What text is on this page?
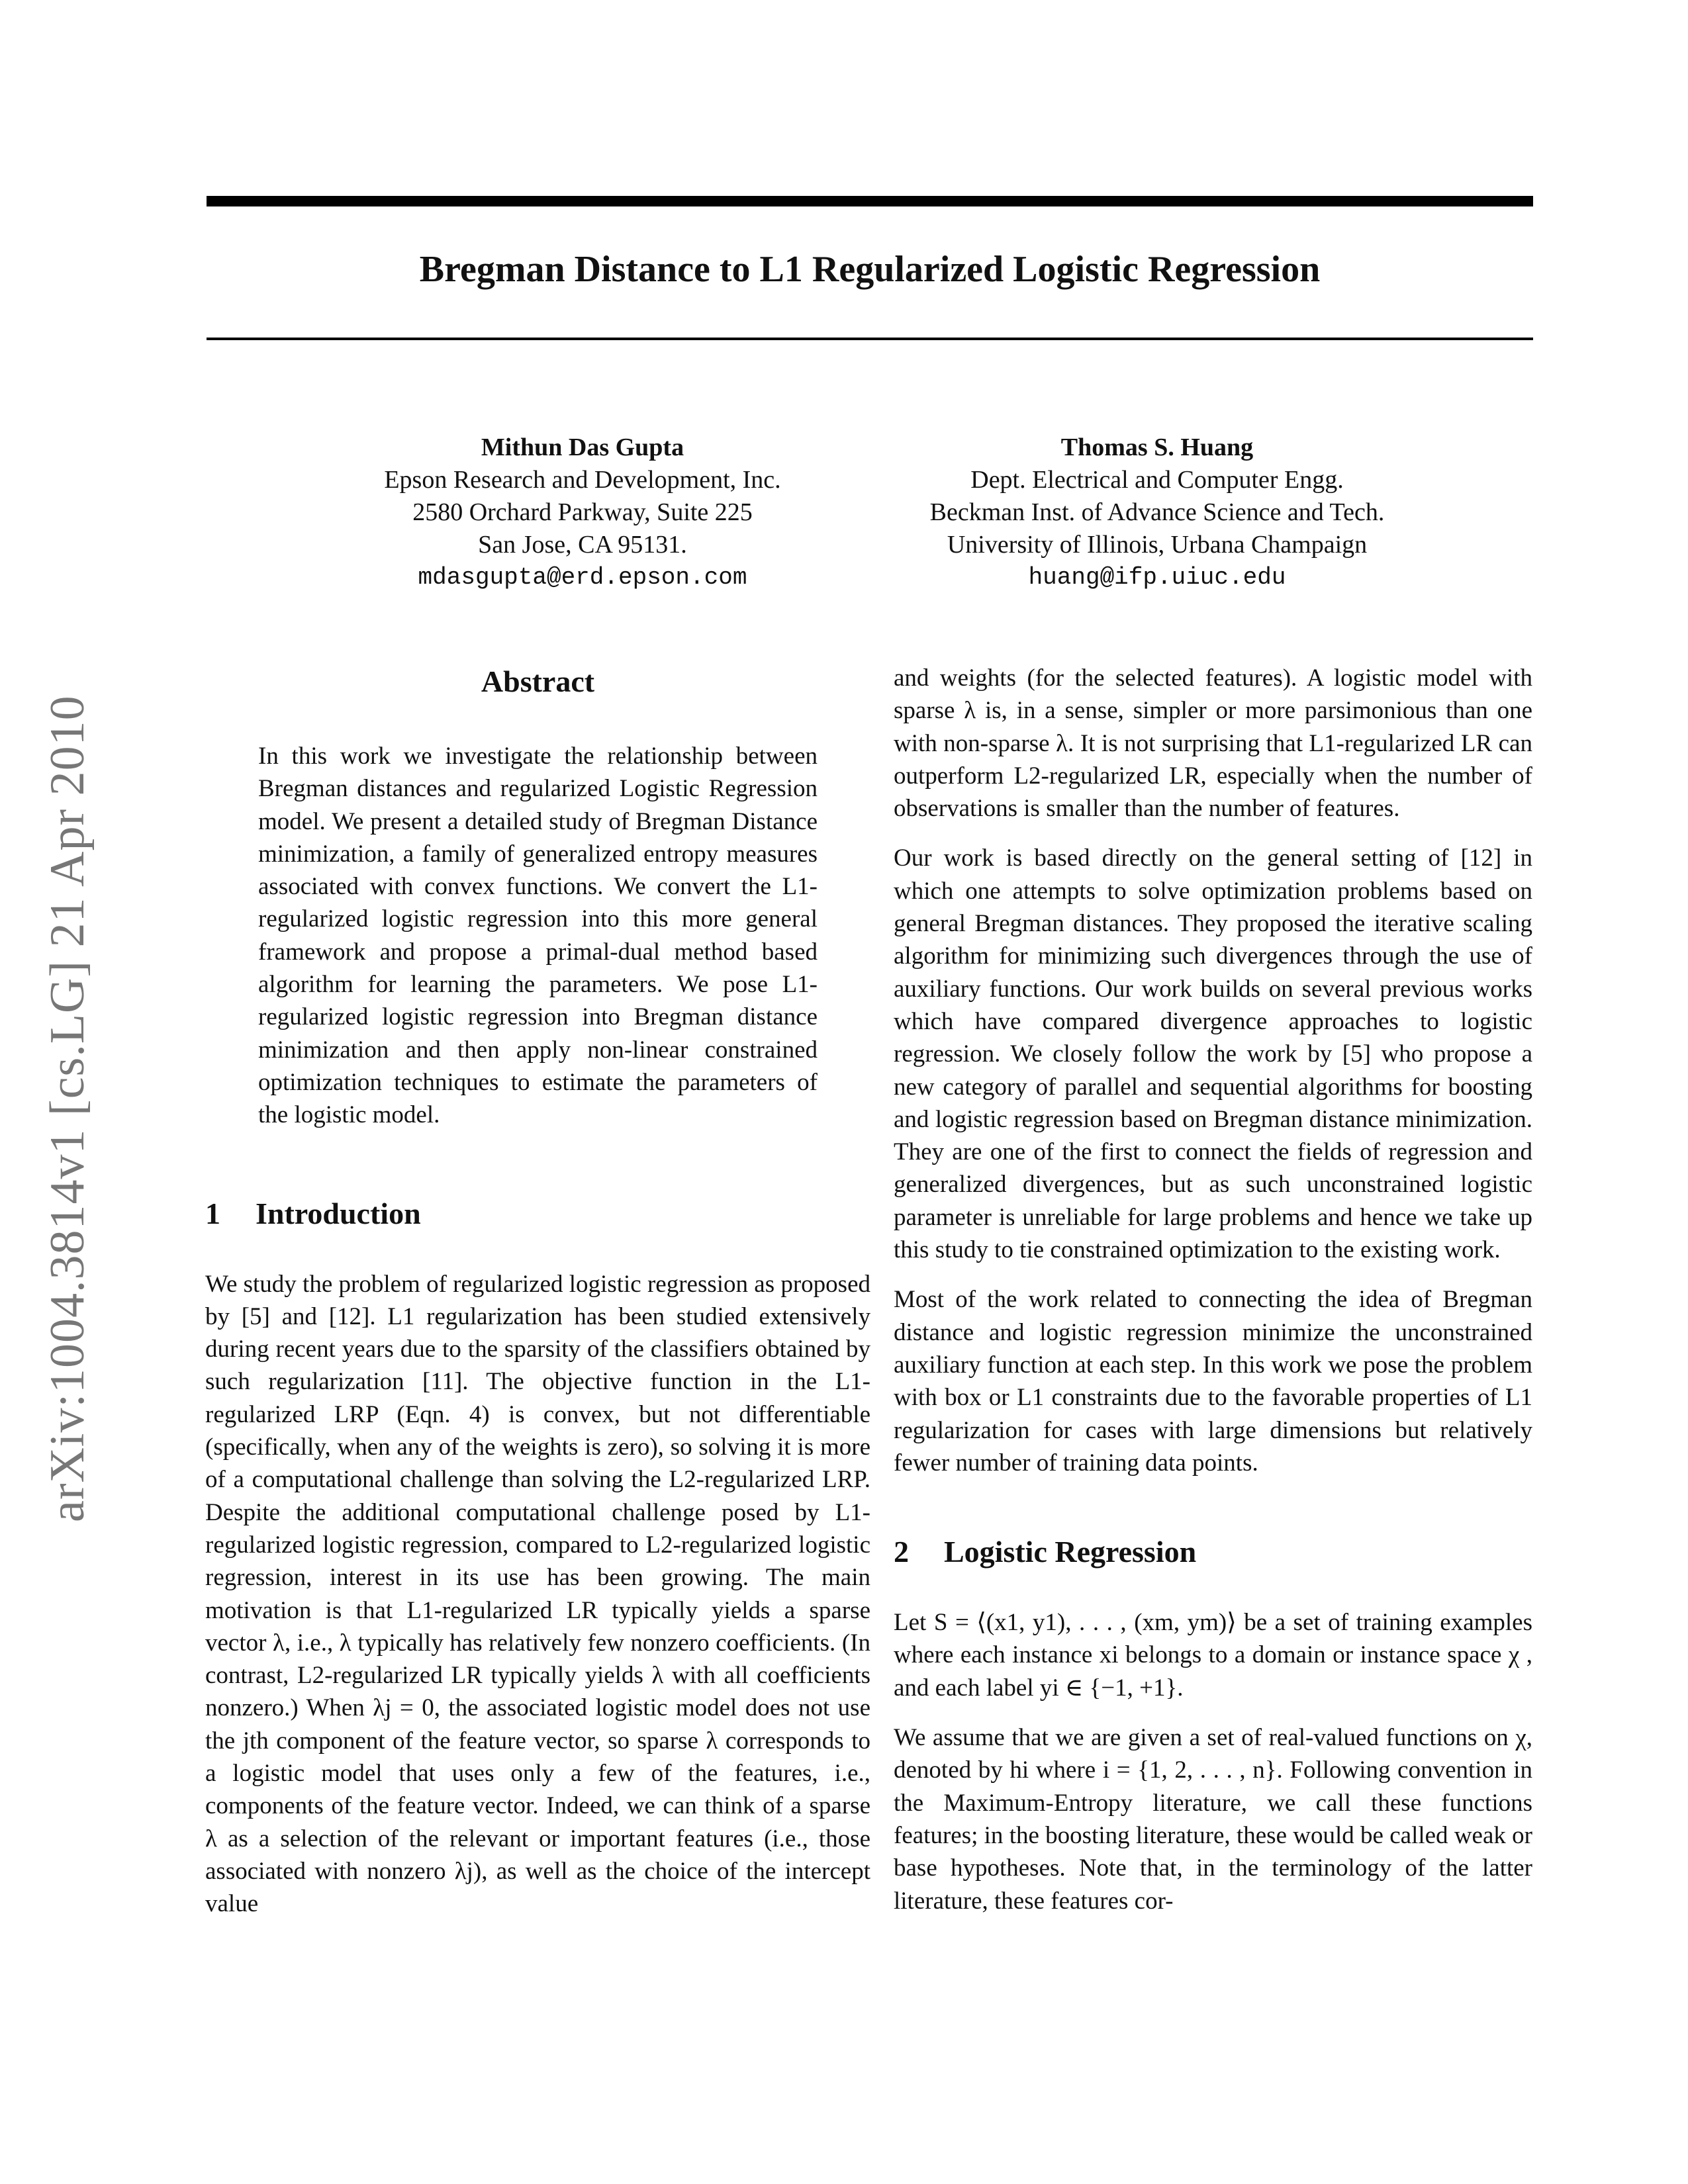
Bregman Distance to L1 Regularized Logistic Regression
arXiv:1004.3814v1 [cs.LG] 21 Apr 2010
Mithun Das Gupta
Epson Research and Development, Inc.
2580 Orchard Parkway, Suite 225
San Jose, CA 95131.
mdasgupta@erd.epson.com
Thomas S. Huang
Dept. Electrical and Computer Engg.
Beckman Inst. of Advance Science and Tech.
University of Illinois, Urbana Champaign
huang@ifp.uiuc.edu
Abstract

In this work we investigate the relationship between Bregman distances and regularized Logistic Regression model. We present a detailed study of Bregman Distance minimization, a family of generalized entropy measures associated with convex functions. We convert the L1-regularized logistic regression into this more general framework and propose a primal-dual method based algorithm for learning the parameters. We pose L1-regularized logistic regression into Bregman distance minimization and then apply non-linear constrained optimization techniques to estimate the parameters of the logistic model.

1 Introduction

We study the problem of regularized logistic regression as proposed by [5] and [12]. L1 regularization has been studied extensively during recent years due to the sparsity of the classifiers obtained by such regularization [11]. The objective function in the L1-regularized LRP (Eqn. 4) is convex, but not differentiable (specifically, when any of the weights is zero), so solving it is more of a computational challenge than solving the L2-regularized LRP. Despite the additional computational challenge posed by L1-regularized logistic regression, compared to L2-regularized logistic regression, interest in its use has been growing. The main motivation is that L1-regularized LR typically yields a sparse vector λ, i.e., λ typically has relatively few nonzero coefficients. (In contrast, L2-regularized LR typically yields λ with all coefficients nonzero.) When λj = 0, the associated logistic model does not use the jth component of the feature vector, so sparse λ corresponds to a logistic model that uses only a few of the features, i.e., components of the feature vector. Indeed, we can think of a sparse λ as a selection of the relevant or important features (i.e., those associated with nonzero λj), as well as the choice of the intercept value

and weights (for the selected features). A logistic model with sparse λ is, in a sense, simpler or more parsimonious than one with non-sparse λ. It is not surprising that L1-regularized LR can outperform L2-regularized LR, especially when the number of observations is smaller than the number of features.

Our work is based directly on the general setting of [12] in which one attempts to solve optimization problems based on general Bregman distances. They proposed the iterative scaling algorithm for minimizing such divergences through the use of auxiliary functions. Our work builds on several previous works which have compared divergence approaches to logistic regression. We closely follow the work by [5] who propose a new category of parallel and sequential algorithms for boosting and logistic regression based on Bregman distance minimization. They are one of the first to connect the fields of regression and generalized divergences, but as such unconstrained logistic parameter is unreliable for large problems and hence we take up this study to tie constrained optimization to the existing work.

Most of the work related to connecting the idea of Bregman distance and logistic regression minimize the unconstrained auxiliary function at each step. In this work we pose the problem with box or L1 constraints due to the favorable properties of L1 regularization for cases with large dimensions but relatively fewer number of training data points.

2 Logistic Regression

Let S = ⟨(x1, y1), . . . , (xm, ym)⟩ be a set of training examples where each instance xi belongs to a domain or instance space χ , and each label yi ∈ {−1, +1}.

We assume that we are given a set of real-valued functions on χ, denoted by hi where i = {1, 2, . . . , n}. Following convention in the Maximum-Entropy literature, we call these functions features; in the boosting literature, these would be called weak or base hypotheses. Note that, in the terminology of the latter literature, these features cor-
